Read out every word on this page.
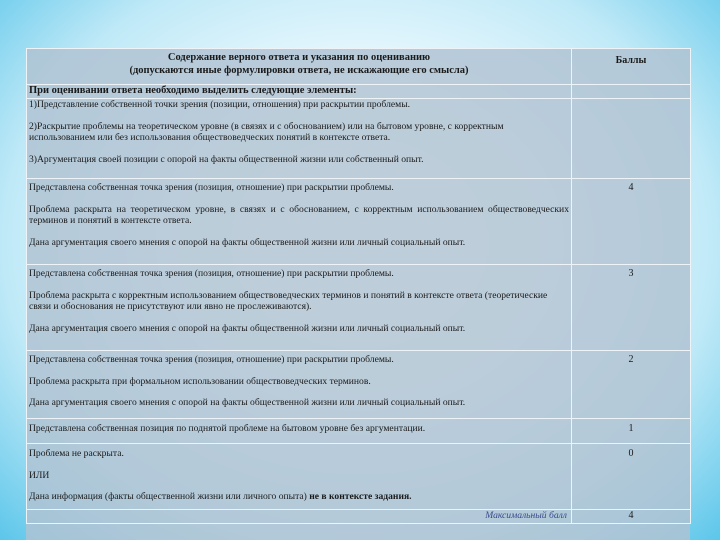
Содержание верного ответа и указания по оцениванию

(допускаются иные формулировки ответа, не искажающие его смысла)	Баллы
При оценивании ответа необходимо выделить следующие элементы:	

1)Представление собственной точки зрения (позиции, отношения) при раскрытии проблемы.

2)Раскрытие проблемы на теоретическом уровне (в связях и с обоснованием) или на бытовом уровне, с корректным использованием или без использования обществоведческих понятий в контексте ответа.

3)Аргументация своей позиции с опорой на факты общественной жизни или собственный опыт.	

Представлена собственная точка зрения (позиция, отношение) при раскрытии проблемы.

Проблема раскрыта на теоретическом уровне, в связях и с обоснованием, с корректным использованием обществоведческих терминов и понятий в контексте ответа.

Дана аргументация своего мнения с опорой на факты общественной жизни или личный социальный опыт.	4

Представлена собственная точка зрения (позиция, отношение) при раскрытии проблемы.

Проблема раскрыта с корректным использованием обществоведческих терминов и понятий в контексте ответа (теоретические связи и обоснования не присутствуют или явно не прослеживаются).

Дана аргументация своего мнения с опорой на факты общественной жизни или личный социальный опыт.	3

Представлена собственная точка зрения (позиция, отношение) при раскрытии проблемы.

Проблема раскрыта при формальном использовании обществоведческих терминов.

Дана аргументация своего мнения с опорой на факты общественной жизни или личный социальный опыт.	2

Представлена собственная позиция по поднятой проблеме на бытовом уровне без аргументации.	1

Проблема не раскрыта.

ИЛИ

Дана информация (факты общественной жизни или личного опыта) не в контексте задания.	0
Максимальный балл	4
